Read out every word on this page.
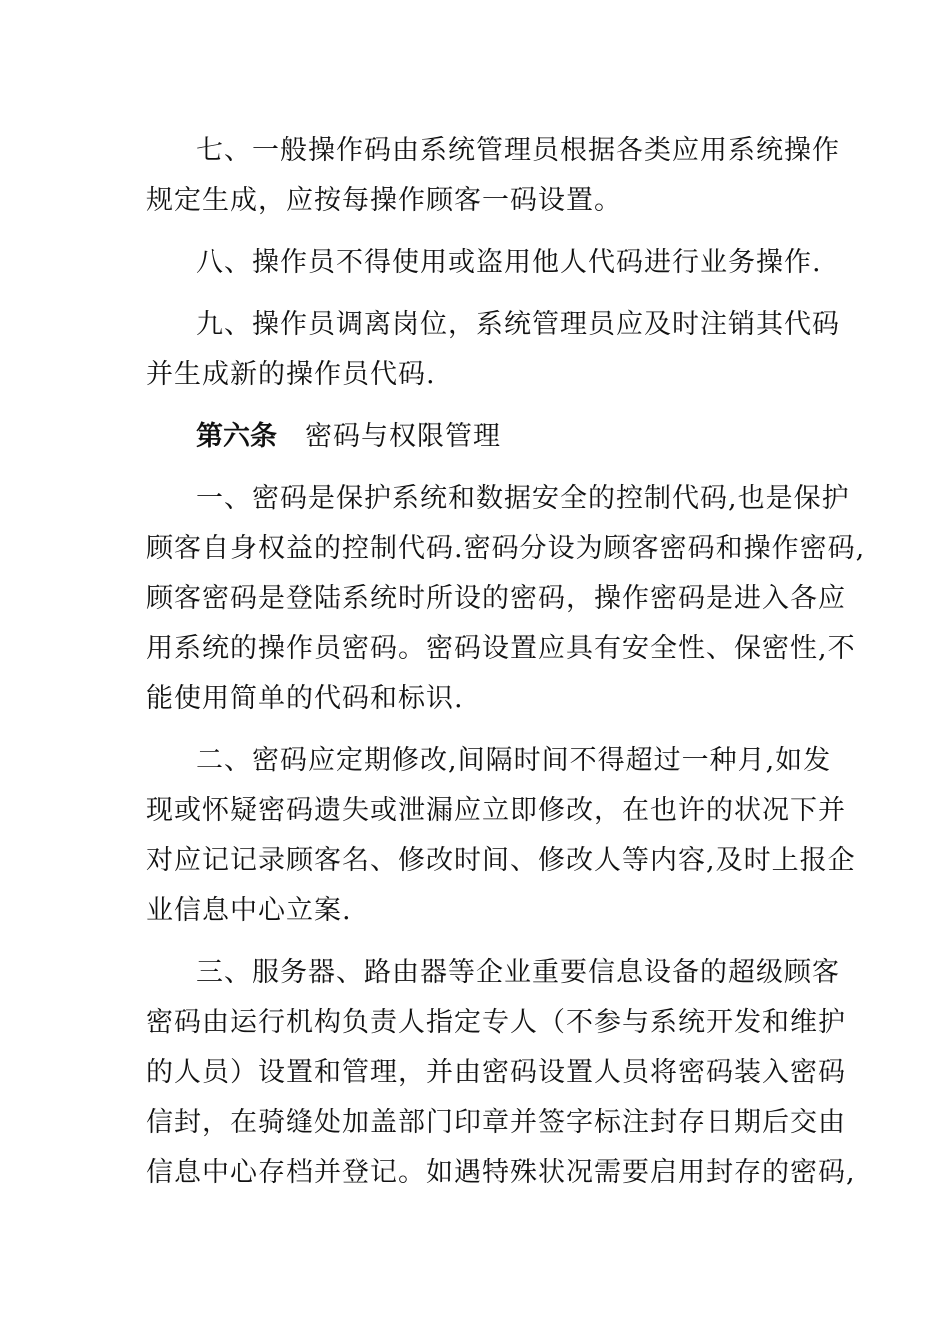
七、一般操作码由系统管理员根据各类应用系统操作
规定生成，应按每操作顾客一码设置。
八、操作员不得使用或盗用他人代码进行业务操作.
九、操作员调离岗位，系统管理员应及时注销其代码
并生成新的操作员代码.
第六条 密码与权限管理
一、密码是保护系统和数据安全的控制代码,也是保护
顾客自身权益的控制代码.密码分设为顾客密码和操作密码,
顾客密码是登陆系统时所设的密码，操作密码是进入各应
用系统的操作员密码。密码设置应具有安全性、保密性,不
能使用简单的代码和标识.
二、密码应定期修改,间隔时间不得超过一种月,如发
现或怀疑密码遗失或泄漏应立即修改，在也许的状况下并
对应记记录顾客名、修改时间、修改人等内容,及时上报企
业信息中心立案.
三、服务器、路由器等企业重要信息设备的超级顾客
密码由运行机构负责人指定专人（不参与系统开发和维护
的人员）设置和管理，并由密码设置人员将密码装入密码
信封，在骑缝处加盖部门印章并签字标注封存日期后交由
信息中心存档并登记。如遇特殊状况需要启用封存的密码,
